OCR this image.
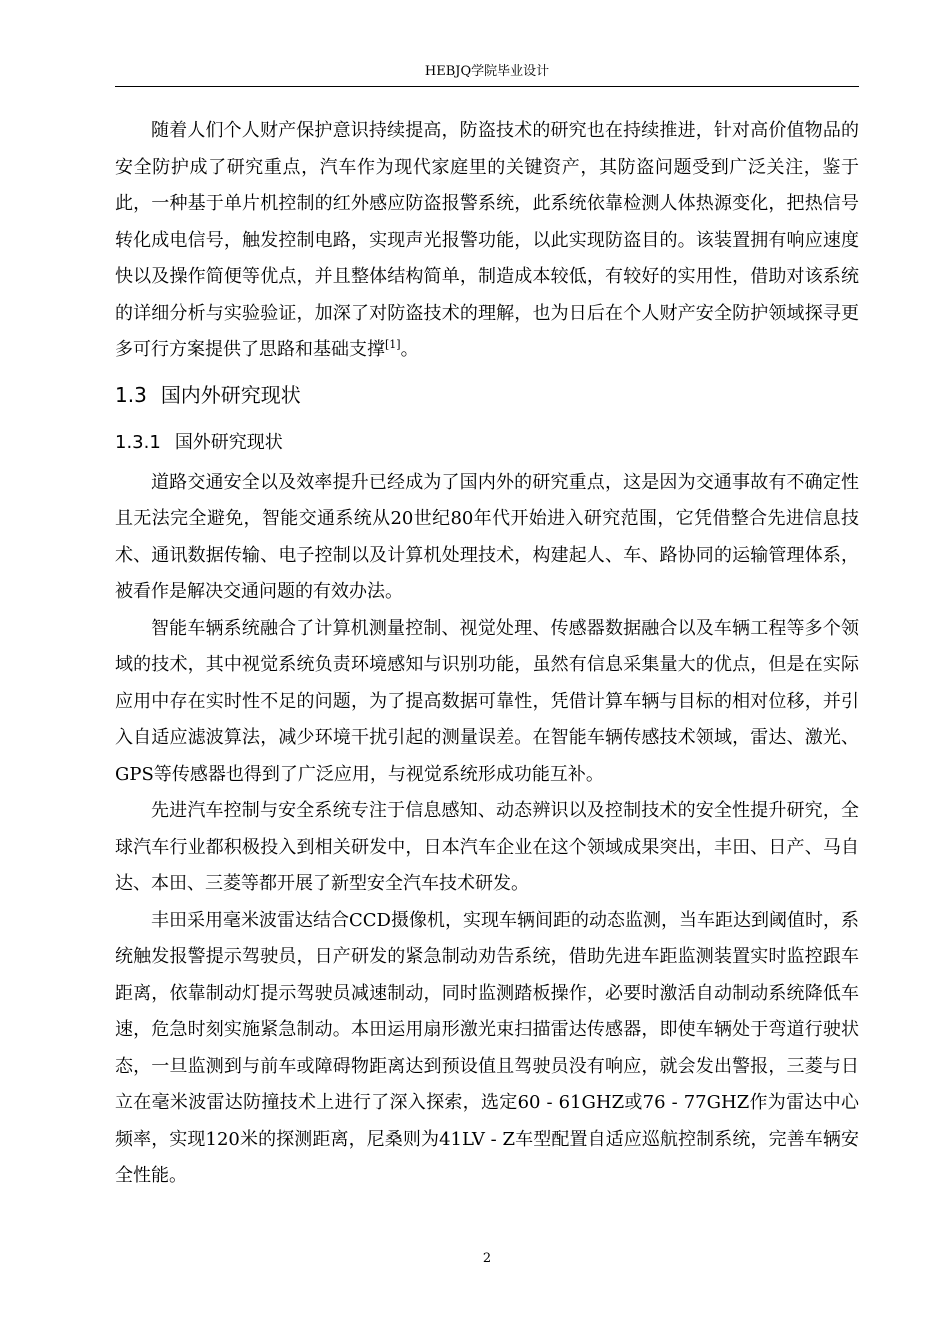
HEBJQ学院毕业设计

随着人们个人财产保护意识持续提高，防盗技术的研究也在持续推进，针对高价值物品的安全防护成了研究重点，汽车作为现代家庭里的关键资产，其防盗问题受到广泛关注，鉴于此，一种基于单片机控制的红外感应防盗报警系统，此系统依靠检测人体热源变化，把热信号转化成电信号，触发控制电路，实现声光报警功能，以此实现防盗目的。该装置拥有响应速度快以及操作简便等优点，并且整体结构简单，制造成本较低，有较好的实用性，借助对该系统的详细分析与实验验证，加深了对防盗技术的理解，也为日后在个人财产安全防护领域探寻更多可行方案提供了思路和基础支撑[1]。

1.3 国内外研究现状
1.3.1 国外研究现状

道路交通安全以及效率提升已经成为了国内外的研究重点，这是因为交通事故有不确定性且无法完全避免，智能交通系统从20世纪80年代开始进入研究范围，它凭借整合先进信息技术、通讯数据传输、电子控制以及计算机处理技术，构建起人、车、路协同的运输管理体系，被看作是解决交通问题的有效办法。

智能车辆系统融合了计算机测量控制、视觉处理、传感器数据融合以及车辆工程等多个领域的技术，其中视觉系统负责环境感知与识别功能，虽然有信息采集量大的优点，但是在实际应用中存在实时性不足的问题，为了提高数据可靠性，凭借计算车辆与目标的相对位移，并引入自适应滤波算法，减少环境干扰引起的测量误差。在智能车辆传感技术领域，雷达、激光、GPS等传感器也得到了广泛应用，与视觉系统形成功能互补。

先进汽车控制与安全系统专注于信息感知、动态辨识以及控制技术的安全性提升研究，全球汽车行业都积极投入到相关研发中，日本汽车企业在这个领域成果突出，丰田、日产、马自达、本田、三菱等都开展了新型安全汽车技术研发。

丰田采用毫米波雷达结合CCD摄像机，实现车辆间距的动态监测，当车距达到阈值时，系统触发报警提示驾驶员，日产研发的紧急制动劝告系统，借助先进车距监测装置实时监控跟车距离，依靠制动灯提示驾驶员减速制动，同时监测踏板操作，必要时激活自动制动系统降低车速，危急时刻实施紧急制动。本田运用扇形激光束扫描雷达传感器，即使车辆处于弯道行驶状态，一旦监测到与前车或障碍物距离达到预设值且驾驶员没有响应，就会发出警报，三菱与日立在毫米波雷达防撞技术上进行了深入探索，选定60 - 61GHZ或76 - 77GHZ作为雷达中心频率，实现120米的探测距离，尼桑则为41LV - Z车型配置自适应巡航控制系统，完善车辆安全性能。

2
